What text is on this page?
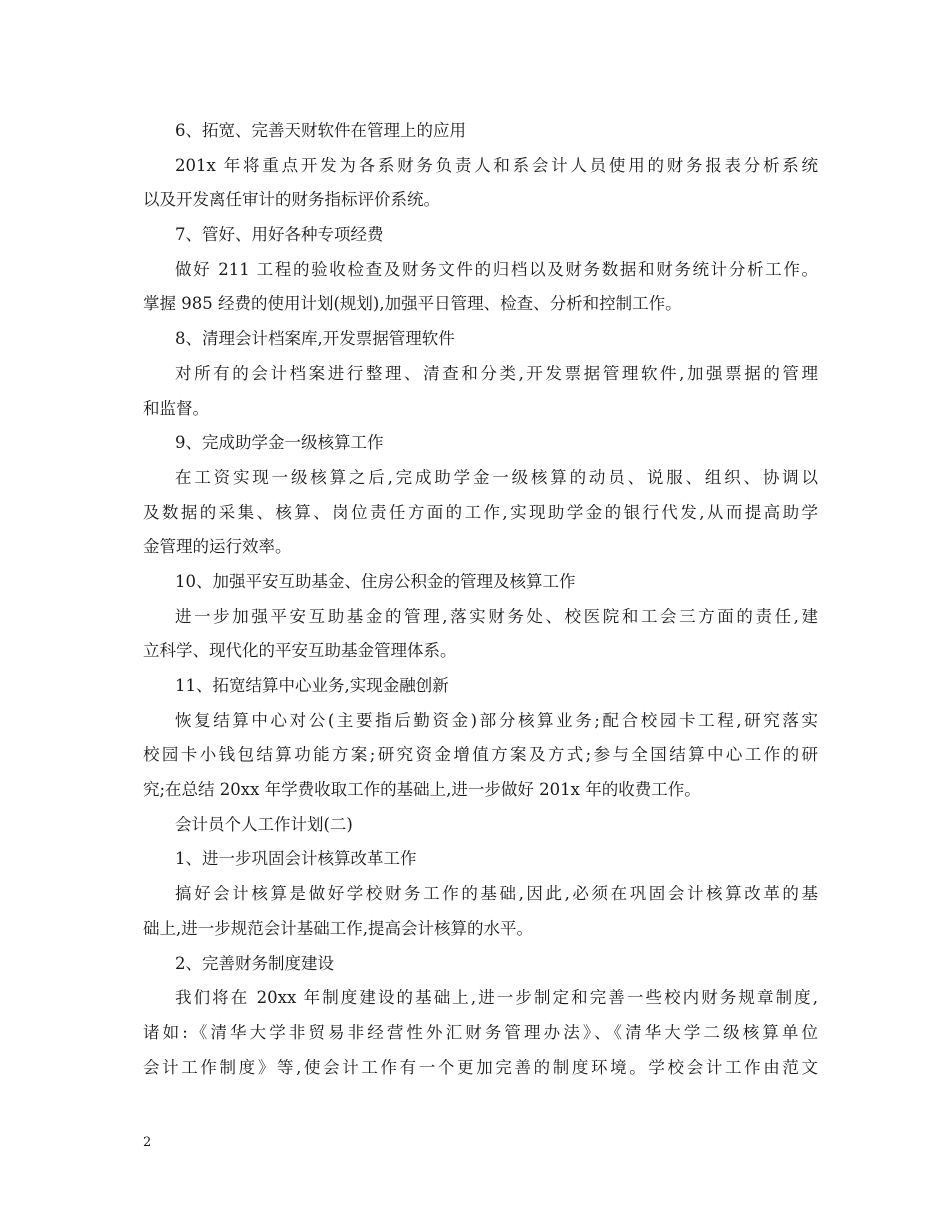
6、拓宽、完善天财软件在管理上的应用
201x 年将重点开发为各系财务负责人和系会计人员使用的财务报表分析系统
以及开发离任审计的财务指标评价系统。
7、管好、用好各种专项经费
做好 211 工程的验收检查及财务文件的归档以及财务数据和财务统计分析工作。
掌握 985 经费的使用计划(规划),加强平日管理、检查、分析和控制工作。
8、清理会计档案库,开发票据管理软件
对所有的会计档案进行整理、清查和分类,开发票据管理软件,加强票据的管理
和监督。
9、完成助学金一级核算工作
在工资实现一级核算之后,完成助学金一级核算的动员、说服、组织、协调以
及数据的采集、核算、岗位责任方面的工作,实现助学金的银行代发,从而提高助学
金管理的运行效率。
10、加强平安互助基金、住房公积金的管理及核算工作
进一步加强平安互助基金的管理,落实财务处、校医院和工会三方面的责任,建
立科学、现代化的平安互助基金管理体系。
11、拓宽结算中心业务,实现金融创新
恢复结算中心对公(主要指后勤资金)部分核算业务;配合校园卡工程,研究落实
校园卡小钱包结算功能方案;研究资金增值方案及方式;参与全国结算中心工作的研
究;在总结 20xx 年学费收取工作的基础上,进一步做好 201x 年的收费工作。
会计员个人工作计划(二)
1、进一步巩固会计核算改革工作
搞好会计核算是做好学校财务工作的基础,因此,必须在巩固会计核算改革的基
础上,进一步规范会计基础工作,提高会计核算的水平。
2、完善财务制度建设
我们将在 20xx 年制度建设的基础上,进一步制定和完善一些校内财务规章制度,
诸如:《清华大学非贸易非经营性外汇财务管理办法》、《清华大学二级核算单位
会计工作制度》等,使会计工作有一个更加完善的制度环境。学校会计工作由范文
2
